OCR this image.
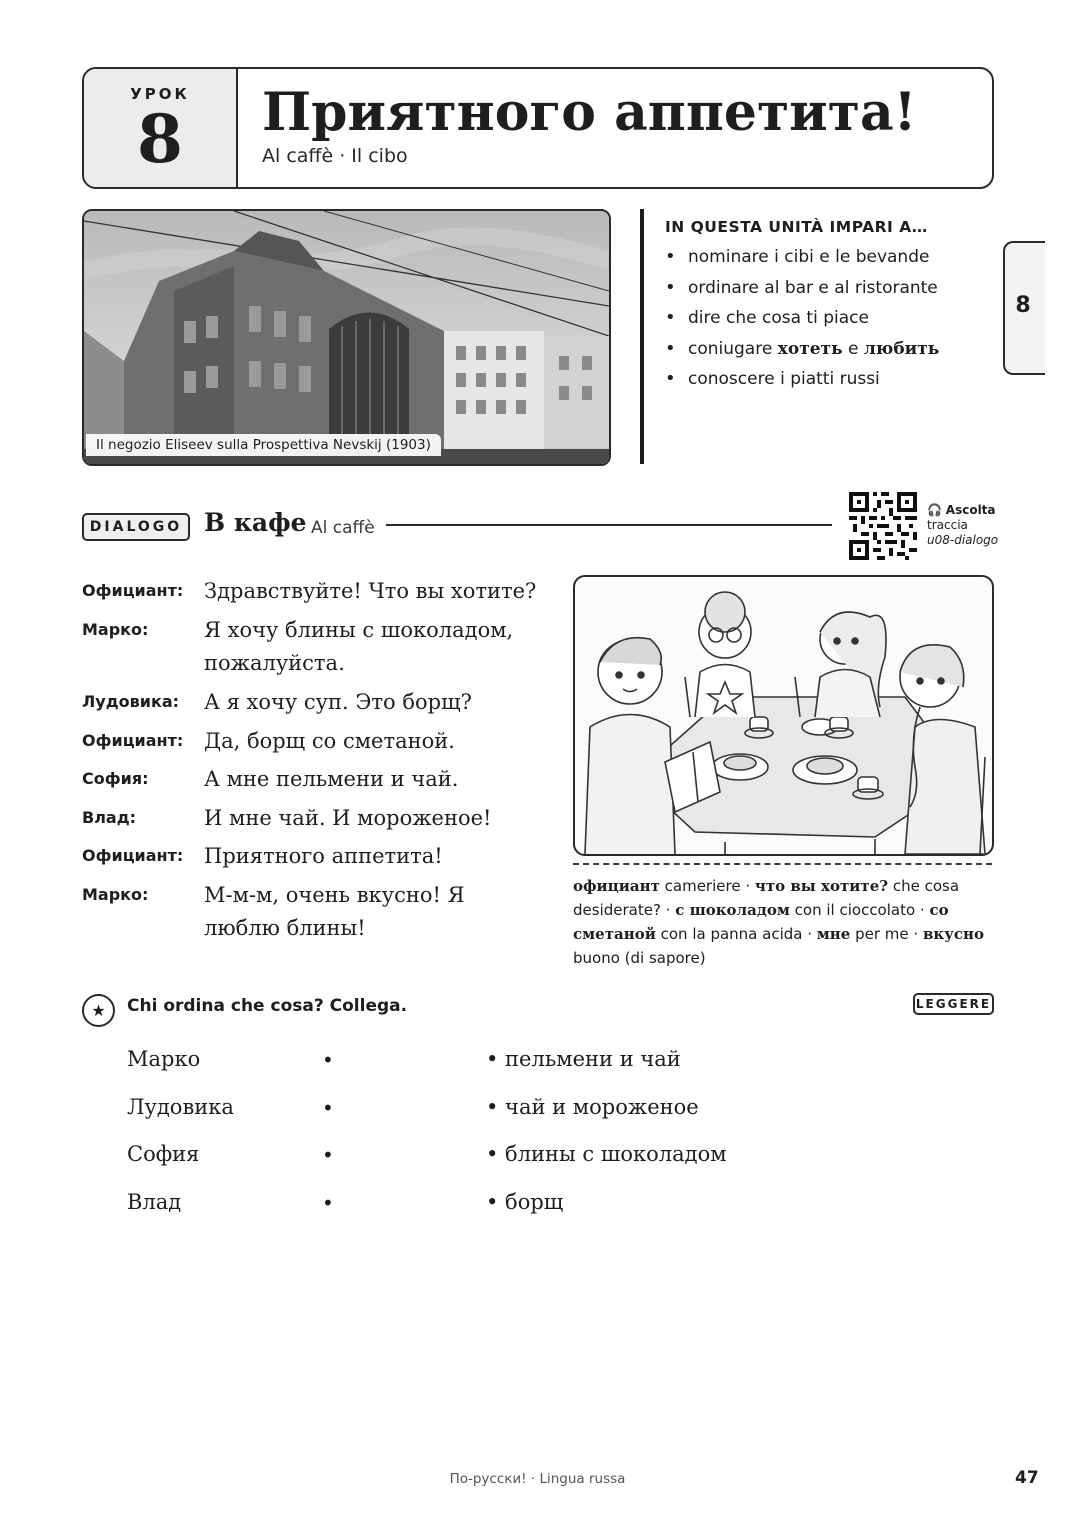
УРОК
8	Приятного аппетита!
Al caffè · Il cibo
8
Il negozio Eliseev sulla Prospettiva Nevskij (1903)
IN QUESTA UNITÀ IMPARI A…
• nominare i cibi e le bevande
• ordinare al bar e al ristorante
• dire che cosa ti piace
• coniugare хотеть e любить
• conoscere i piatti russi
DIALOGO В кафе Al caffè
🎧 Ascolta
traccia
u08-dialogo
Официант: Здравствуйте! Что вы хотите?
Марко:	Я хочу блины с шоколадом, пожалуйста.
Лудовика: А я хочу суп. Это борщ?
Официант: Да, борщ со сметаной.
София:	А мне пельмени и чай.
Влад:	И мне чай. И мороженое!
Официант: Приятного аппетита!
Марко:	М-м-м, очень вкусно! Я люблю блины!
официант cameriere · что вы хотите? che cosa desiderate? · с шоколадом con il cioccolato · со сметаной con la panna acida · мне per me · вкусно buono (di sapore)
★	Chi ordina che cosa? Collega.	LEGGERE
Марко	•	• пельмени и чай
Лудовика	•	• чай и мороженое
София	•	• блины с шоколадом
Влад	•	• борщ
По-русски! · Lingua russa	47
